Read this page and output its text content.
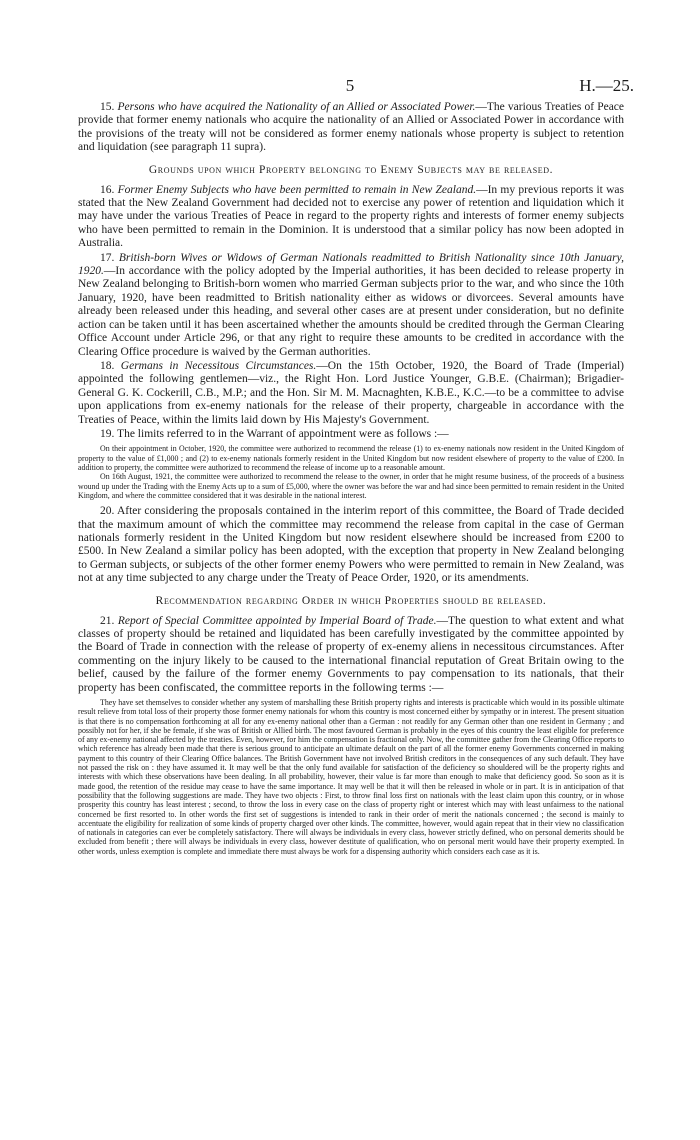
5	H.—25.

15. Persons who have acquired the Nationality of an Allied or Associated Power.—The various Treaties of Peace provide that former enemy nationals who acquire the nationality of an Allied or Associated Power in accordance with the provisions of the treaty will not be considered as former enemy nationals whose property is subject to retention and liquidation (see paragraph 11 supra).

Grounds upon which Property belonging to Enemy Subjects may be released.

16. Former Enemy Subjects who have been permitted to remain in New Zealand.—In my previous reports it was stated that the New Zealand Government had decided not to exercise any power of retention and liquidation which it may have under the various Treaties of Peace in regard to the property rights and interests of former enemy subjects who have been permitted to remain in the Dominion. It is understood that a similar policy has now been adopted in Australia.

17. British-born Wives or Widows of German Nationals readmitted to British Nationality since 10th January, 1920.—In accordance with the policy adopted by the Imperial authorities, it has been decided to release property in New Zealand belonging to British-born women who married German subjects prior to the war, and who since the 10th January, 1920, have been readmitted to British nationality either as widows or divorcees. Several amounts have already been released under this heading, and several other cases are at present under consideration, but no definite action can be taken until it has been ascertained whether the amounts should be credited through the German Clearing Office Account under Article 296, or that any right to require these amounts to be credited in accordance with the Clearing Office procedure is waived by the German authorities.

18. Germans in Necessitous Circumstances.—On the 15th October, 1920, the Board of Trade (Imperial) appointed the following gentlemen—viz., the Right Hon. Lord Justice Younger, G.B.E. (Chairman); Brigadier-General G. K. Cockerill, C.B., M.P.; and the Hon. Sir M. M. Macnaghten, K.B.E., K.C.—to be a committee to advise upon applications from ex-enemy nationals for the release of their property, chargeable in accordance with the Treaties of Peace, within the limits laid down by His Majesty's Government.

19. The limits referred to in the Warrant of appointment were as follows :—

On their appointment in October, 1920, the committee were authorized to recommend the release (1) to ex-enemy nationals now resident in the United Kingdom of property to the value of £1,000 ; and (2) to ex-enemy nationals formerly resident in the United Kingdom but now resident elsewhere of property to the value of £200. In addition to property, the committee were authorized to recommend the release of income up to a reasonable amount.

On 16th August, 1921, the committee were authorized to recommend the release to the owner, in order that he might resume business, of the proceeds of a business wound up under the Trading with the Enemy Acts up to a sum of £5,000, where the owner was before the war and had since been permitted to remain resident in the United Kingdom, and where the committee considered that it was desirable in the national interest.

20. After considering the proposals contained in the interim report of this committee, the Board of Trade decided that the maximum amount of which the committee may recommend the release from capital in the case of German nationals formerly resident in the United Kingdom but now resident elsewhere should be increased from £200 to £500. In New Zealand a similar policy has been adopted, with the exception that property in New Zealand belonging to German subjects, or subjects of the other former enemy Powers who were permitted to remain in New Zealand, was not at any time subjected to any charge under the Treaty of Peace Order, 1920, or its amendments.

Recommendation regarding Order in which Properties should be released.

21. Report of Special Committee appointed by Imperial Board of Trade.—The question to what extent and what classes of property should be retained and liquidated has been carefully investigated by the committee appointed by the Board of Trade in connection with the release of property of ex-enemy aliens in necessitous circumstances. After commenting on the injury likely to be caused to the international financial reputation of Great Britain owing to the belief, caused by the failure of the former enemy Governments to pay compensation to its nationals, that their property has been confiscated, the committee reports in the following terms :—

They have set themselves to consider whether any system of marshalling these British property rights and interests is practicable which would in its possible ultimate result relieve from total loss of their property those former enemy nationals for whom this country is most concerned either by sympathy or in interest. The present situation is that there is no compensation forthcoming at all for any ex-enemy national other than a German : not readily for any German other than one resident in Germany ; and possibly not for her, if she be female, if she was of British or Allied birth. The most favoured German is probably in the eyes of this country the least eligible for preference of any ex-enemy national affected by the treaties. Even, however, for him the compensation is fractional only. Now, the committee gather from the Clearing Office reports to which reference has already been made that there is serious ground to anticipate an ultimate default on the part of all the former enemy Governments concerned in making payment to this country of their Clearing Office balances. The British Government have not involved British creditors in the consequences of any such default. They have not passed the risk on : they have assumed it. It may well be that the only fund available for satisfaction of the deficiency so shouldered will be the property rights and interests with which these observations have been dealing. In all probability, however, their value is far more than enough to make that deficiency good. So soon as it is made good, the retention of the residue may cease to have the same importance. It may well be that it will then be released in whole or in part. It is in anticipation of that possibility that the following suggestions are made. They have two objects : First, to throw final loss first on nationals with the least claim upon this country, or in whose prosperity this country has least interest ; second, to throw the loss in every case on the class of property right or interest which may with least unfairness to the national concerned be first resorted to. In other words the first set of suggestions is intended to rank in their order of merit the nationals concerned ; the second is mainly to accentuate the eligibility for realization of some kinds of property charged over other kinds. The committee, however, would again repeat that in their view no classification of nationals in categories can ever be completely satisfactory. There will always be individuals in every class, however strictly defined, who on personal demerits should be excluded from benefit ; there will always be individuals in every class, however destitute of qualification, who on personal merit would have their property exempted. In other words, unless exemption is complete and immediate there must always be work for a dispensing authority which considers each case as it is.
